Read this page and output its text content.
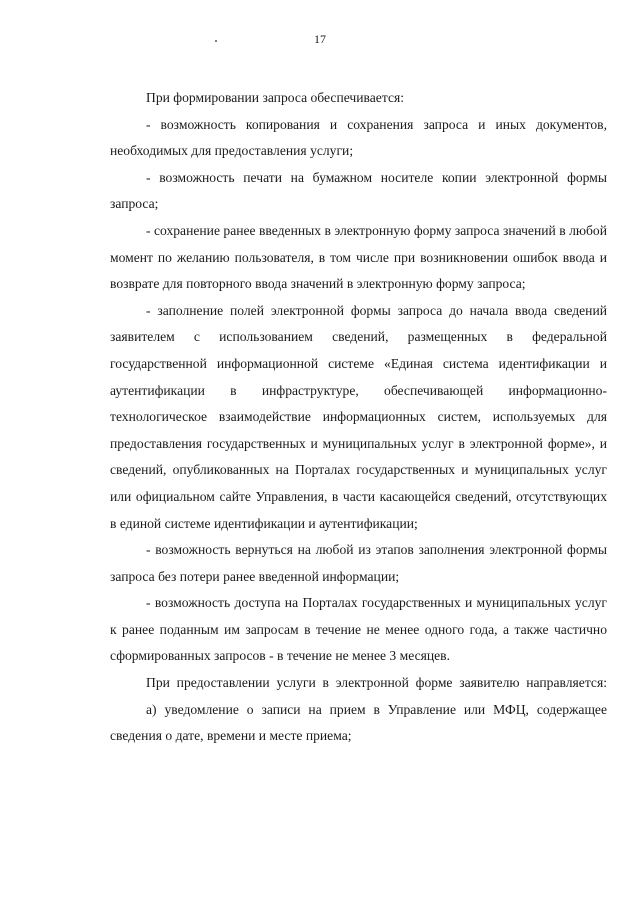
17

При формировании запроса обеспечивается:

- возможность копирования и сохранения запроса и иных документов, необходимых для предоставления услуги;

- возможность печати на бумажном носителе копии электронной формы запроса;

- сохранение ранее введенных в электронную форму запроса значений в любой момент по желанию пользователя, в том числе при возникновении ошибок ввода и возврате для повторного ввода значений в электронную форму запроса;

- заполнение полей электронной формы запроса до начала ввода сведений заявителем с использованием сведений, размещенных в федеральной государственной информационной системе «Единая система идентификации и аутентификации в инфраструктуре, обеспечивающей информационно-технологическое взаимодействие информационных систем, используемых для предоставления государственных и муниципальных услуг в электронной форме», и сведений, опубликованных на Порталах государственных и муниципальных услуг или официальном сайте Управления, в части касающейся сведений, отсутствующих в единой системе идентификации и аутентификации;

- возможность вернуться на любой из этапов заполнения электронной формы запроса без потери ранее введенной информации;

- возможность доступа на Порталах государственных и муниципальных услуг к ранее поданным им запросам в течение не менее одного года, а также частично сформированных запросов - в течение не менее 3 месяцев.

При предоставлении услуги в электронной форме заявителю направляется:

а) уведомление о записи на прием в Управление или МФЦ, содержащее сведения о дате, времени и месте приема;
